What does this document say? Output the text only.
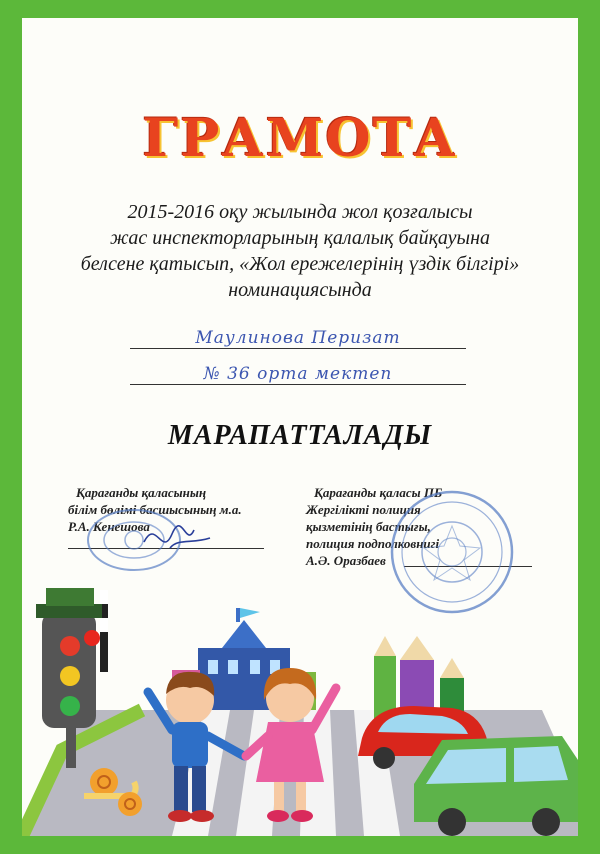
ГРАМОТА
2015-2016 оқу жылында жол қозғалысы
жас инспекторларының қалалық байқауына
белсене қатысып, «Жол ережелерінің үздік білгірі»
номинациясында
Маулинова Перизат
№ 36 орта мектеп
МАРАПАТТАЛАДЫ
Қарағанды қаласының
білім бөлімі басшысының м.а.
Р.А. Кенешова
Қарағанды қаласы ПБ
Жергілікті полиция
қызметінің бастығы,
полиция подполковнигі
А.Ә. Оразбаев
